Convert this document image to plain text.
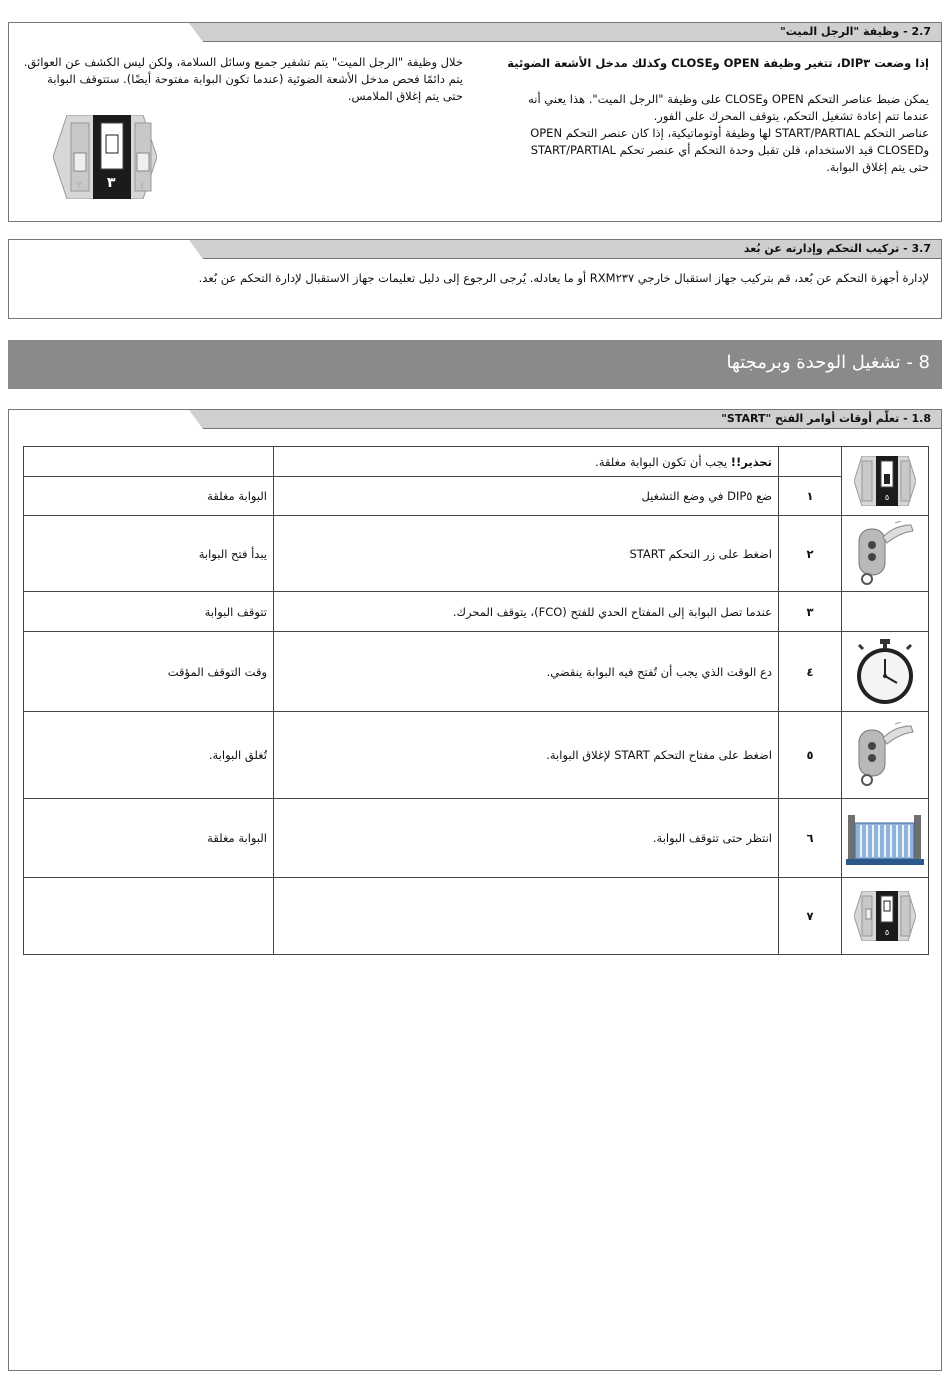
2.7 - وظيفة "الرجل الميت"
إذا وضعت DIP٣، تتغير وظيفة OPEN وCLOSE وكذلك مدخل الأشعة الضوئية
يمكن ضبط عناصر التحكم OPEN وCLOSE على وظيفة "الرجل الميت". هذا يعني أنه
عندما تتم إعادة تشغيل التحكم، يتوقف المحرك على الفور.
عناصر التحكم START/PARTIAL لها وظيفة أوتوماتيكية، إذا كان عنصر التحكم OPEN
وCLOSED قيد الاستخدام، فلن تقبل وحدة التحكم أي عنصر تحكم START/PARTIAL
حتى يتم إغلاق البوابة.
خلال وظيفة "الرجل الميت" يتم تشفير جميع وسائل السلامة، ولكن ليس الكشف عن العوائق.
يتم دائمًا فحص مدخل الأشعة الضوئية (عندما تكون البوابة مفتوحة أيضًا). ستتوقف البوابة
حتى يتم إغلاق الملامس.
٣
٢	٤
3.7 - تركيب التحكم وإدارته عن بُعد
لإدارة أجهزة التحكم عن بُعد، قم بتركيب جهاز استقبال خارجي RXM٢٣٧ أو ما يعادله. يُرجى الرجوع إلى دليل تعليمات جهاز الاستقبال لإدارة التحكم عن بُعد.
8 - تشغيل الوحدة وبرمجتها
1.8 - تعلّم أوقات أوامر الفتح "START"
٥		تحذير!! يجب أن تكون البوابة مغلقة.	
	١	ضع DIP٥ في وضع التشغيل	البوابة مغلقة

	٢	اضغط على زر التحكم START	يبدأ فتح البوابة
	٣	عندما تصل البوابة إلى المفتاح الحدي للفتح (FCO)، يتوقف المحرك.	تتوقف البوابة

	٤	دع الوقت الذي يجب أن تُفتح فيه البوابة ينقضي.	وقت التوقف المؤقت

	٥	اضغط على مفتاح التحكم START لإغلاق البوابة.	تُغلق البوابة.

	٦	انتظر حتى تتوقف البوابة.	البوابة مغلقة

٥	٧		
